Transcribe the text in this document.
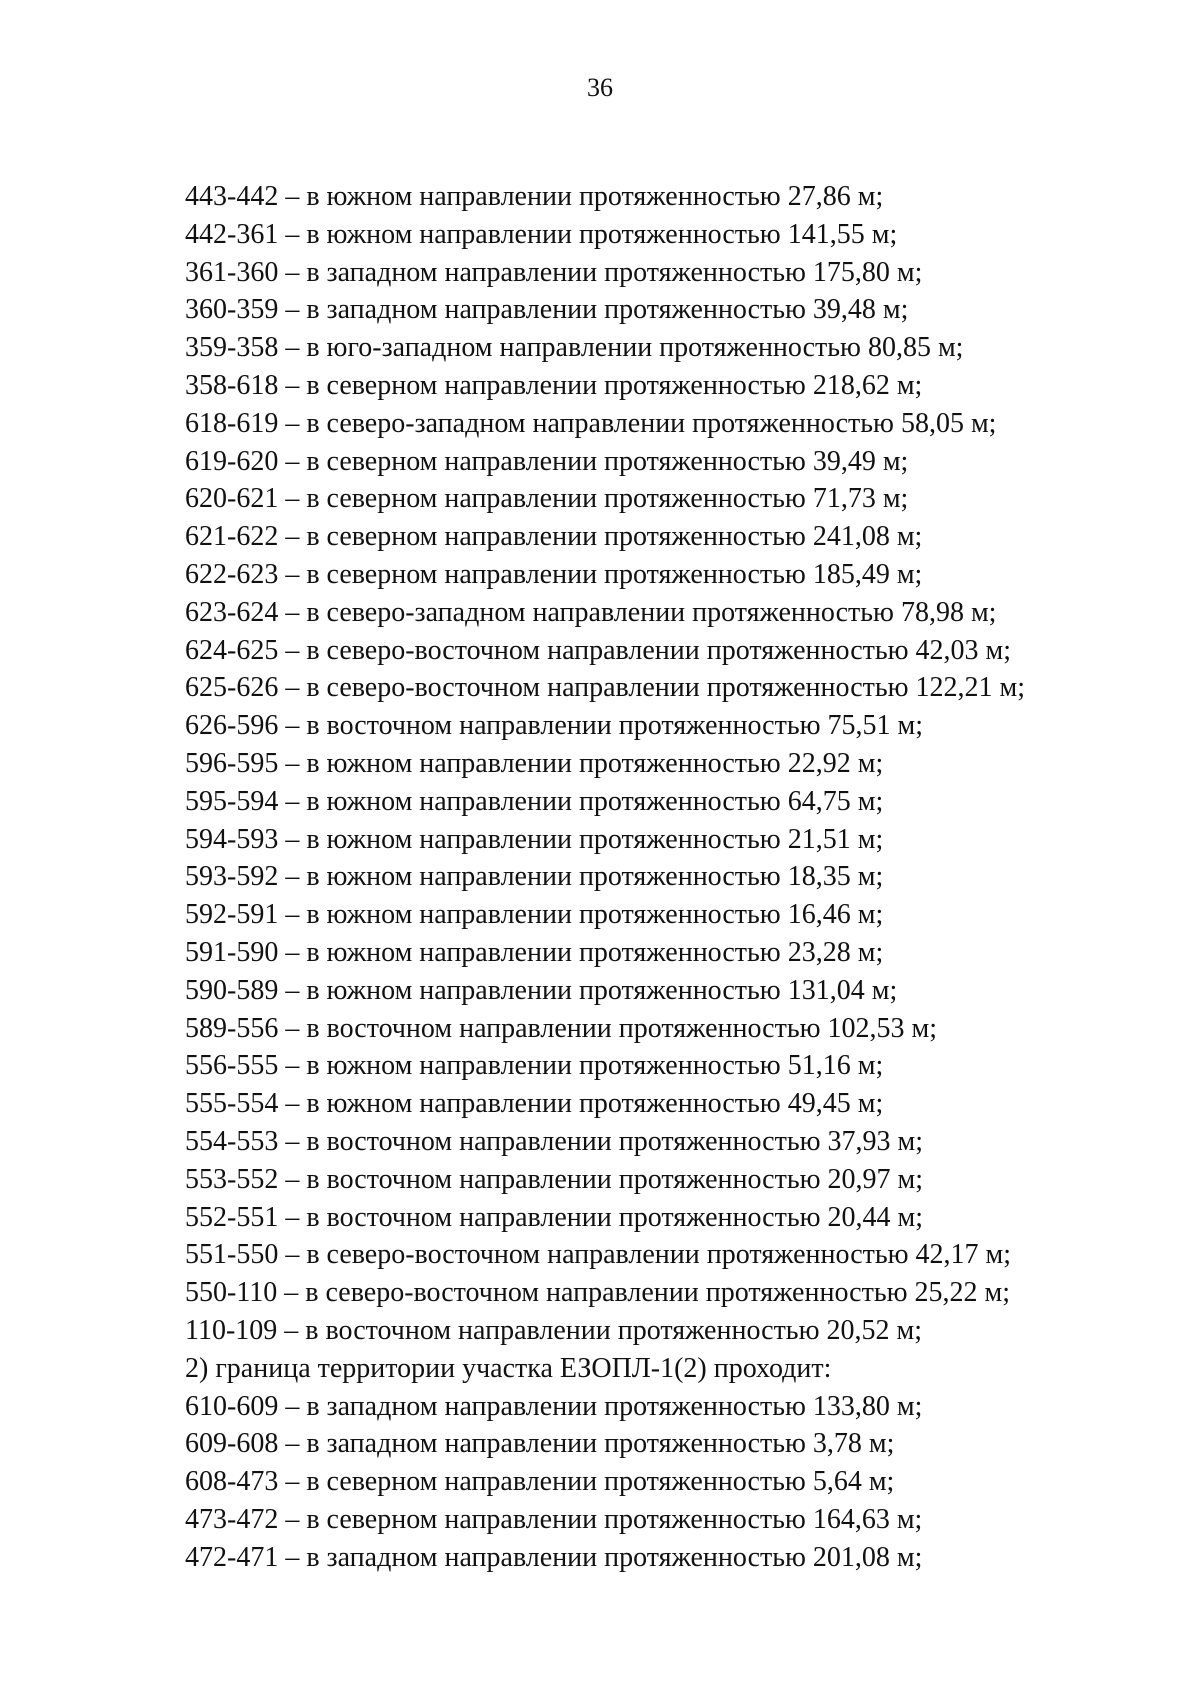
36
443-442 – в южном направлении протяженностью 27,86 м;
442-361 – в южном направлении протяженностью 141,55 м;
361-360 – в западном направлении протяженностью 175,80 м;
360-359 – в западном направлении протяженностью 39,48 м;
359-358 – в юго-западном направлении протяженностью 80,85 м;
358-618 – в северном направлении протяженностью 218,62 м;
618-619 – в северо-западном направлении протяженностью 58,05 м;
619-620 – в северном направлении протяженностью 39,49 м;
620-621 – в северном направлении протяженностью 71,73 м;
621-622 – в северном направлении протяженностью 241,08 м;
622-623 – в северном направлении протяженностью 185,49 м;
623-624 – в северо-западном направлении протяженностью 78,98 м;
624-625 – в северо-восточном направлении протяженностью 42,03 м;
625-626 – в северо-восточном направлении протяженностью 122,21 м;
626-596 – в восточном направлении протяженностью 75,51 м;
596-595 – в южном направлении протяженностью 22,92 м;
595-594 – в южном направлении протяженностью 64,75 м;
594-593 – в южном направлении протяженностью 21,51 м;
593-592 – в южном направлении протяженностью 18,35 м;
592-591 – в южном направлении протяженностью 16,46 м;
591-590 – в южном направлении протяженностью 23,28 м;
590-589 – в южном направлении протяженностью 131,04 м;
589-556 – в восточном направлении протяженностью 102,53 м;
556-555 – в южном направлении протяженностью 51,16 м;
555-554 – в южном направлении протяженностью 49,45 м;
554-553 – в восточном направлении протяженностью 37,93 м;
553-552 – в восточном направлении протяженностью 20,97 м;
552-551 – в восточном направлении протяженностью 20,44 м;
551-550 – в северо-восточном направлении протяженностью 42,17 м;
550-110 – в северо-восточном направлении протяженностью 25,22 м;
110-109 – в восточном направлении протяженностью 20,52 м;
2) граница территории участка ЕЗОПЛ-1(2) проходит:
610-609 – в западном направлении протяженностью 133,80 м;
609-608 – в западном направлении протяженностью 3,78 м;
608-473 – в северном направлении протяженностью 5,64 м;
473-472 – в северном направлении протяженностью 164,63 м;
472-471 – в западном направлении протяженностью 201,08 м;
